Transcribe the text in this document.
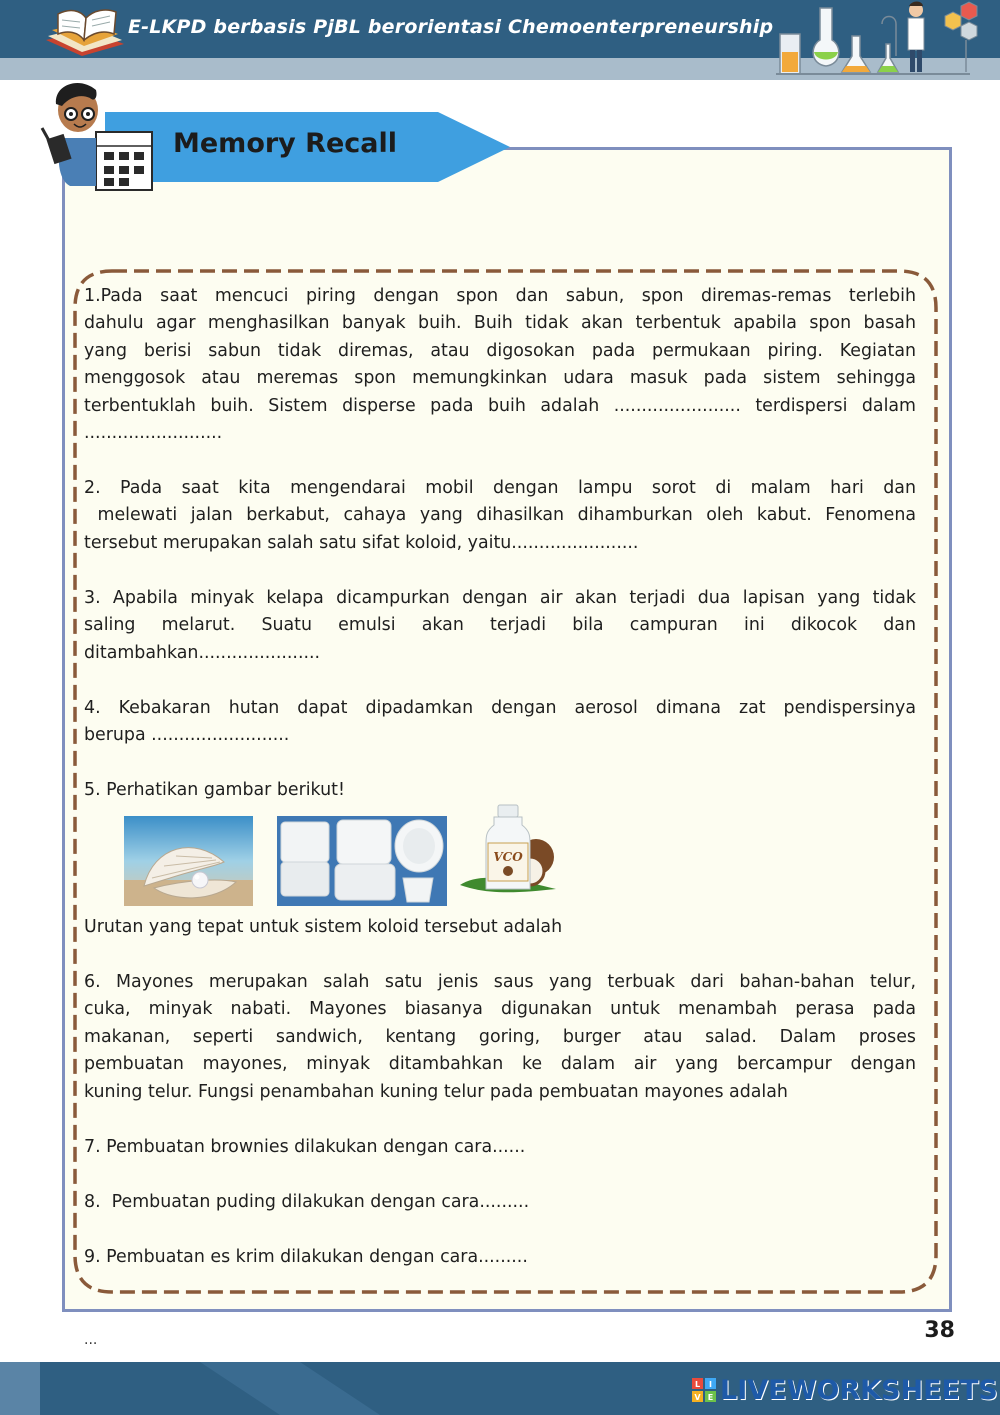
E-LKPD berbasis PjBL berorientasi Chemoenterpreneurship
Memory Recall
1.Pada saat mencuci piring dengan spon dan sabun, spon diremas-remas terlebih
dahulu agar menghasilkan banyak buih. Buih tidak akan terbentuk apabila spon basah
yang berisi sabun tidak diremas, atau digosokan pada permukaan piring. Kegiatan
menggosok atau meremas spon memungkinkan udara masuk pada sistem sehingga
terbentuklah buih. Sistem disperse pada buih adalah ....................... terdispersi dalam
.........................
2. Pada saat kita mengendarai mobil dengan lampu sorot di malam hari dan
melewati jalan berkabut, cahaya yang dihasilkan dihamburkan oleh kabut. Fenomena
tersebut merupakan salah satu sifat koloid, yaitu.......................
3. Apabila minyak kelapa dicampurkan dengan air akan terjadi dua lapisan yang tidak
saling melarut. Suatu emulsi akan terjadi bila campuran ini dikocok dan
ditambahkan......................
4. Kebakaran hutan dapat dipadamkan dengan aerosol dimana zat pendispersinya
berupa .........................
5. Perhatikan gambar berikut!
VCO
Urutan yang tepat untuk sistem koloid tersebut adalah
6. Mayones merupakan salah satu jenis saus yang terbuak dari bahan-bahan telur,
cuka, minyak nabati. Mayones biasanya digunakan untuk menambah perasa pada
makanan, seperti sandwich, kentang goring, burger atau salad. Dalam proses
pembuatan mayones, minyak ditambahkan ke dalam air yang bercampur dengan
kuning telur. Fungsi penambahan kuning telur pada pembuatan mayones adalah
7. Pembuatan brownies dilakukan dengan cara......
8.  Pembuatan puding dilakukan dengan cara.........
9. Pembuatan es krim dilakukan dengan cara.........
38
...
L I
V E LIVEWORKSHEETS
